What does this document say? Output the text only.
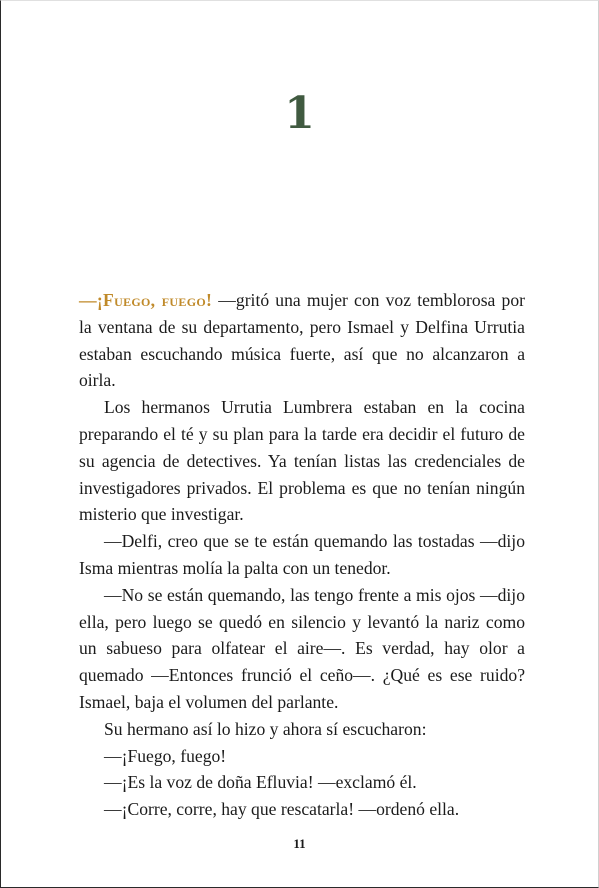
1

—¡Fuego, fuego! —gritó una mujer con voz temblorosa por la ventana de su departamento, pero Ismael y Delfina Urrutia estaban escuchando música fuerte, así que no alcanzaron a oirla.

Los hermanos Urrutia Lumbrera estaban en la cocina preparando el té y su plan para la tarde era decidir el futuro de su agencia de detectives. Ya tenían listas las credenciales de investigadores privados. El problema es que no tenían ningún misterio que investigar.

—Delfi, creo que se te están quemando las tostadas —dijo Isma mientras molía la palta con un tenedor.

—No se están quemando, las tengo frente a mis ojos —dijo ella, pero luego se quedó en silencio y levantó la nariz como un sabueso para olfatear el aire—. Es verdad, hay olor a quemado —Entonces frunció el ceño—. ¿Qué es ese ruido? Ismael, baja el volumen del parlante.

Su hermano así lo hizo y ahora sí escucharon:

—¡Fuego, fuego!

—¡Es la voz de doña Efluvia! —exclamó él.

—¡Corre, corre, hay que rescatarla! —ordenó ella.

11
